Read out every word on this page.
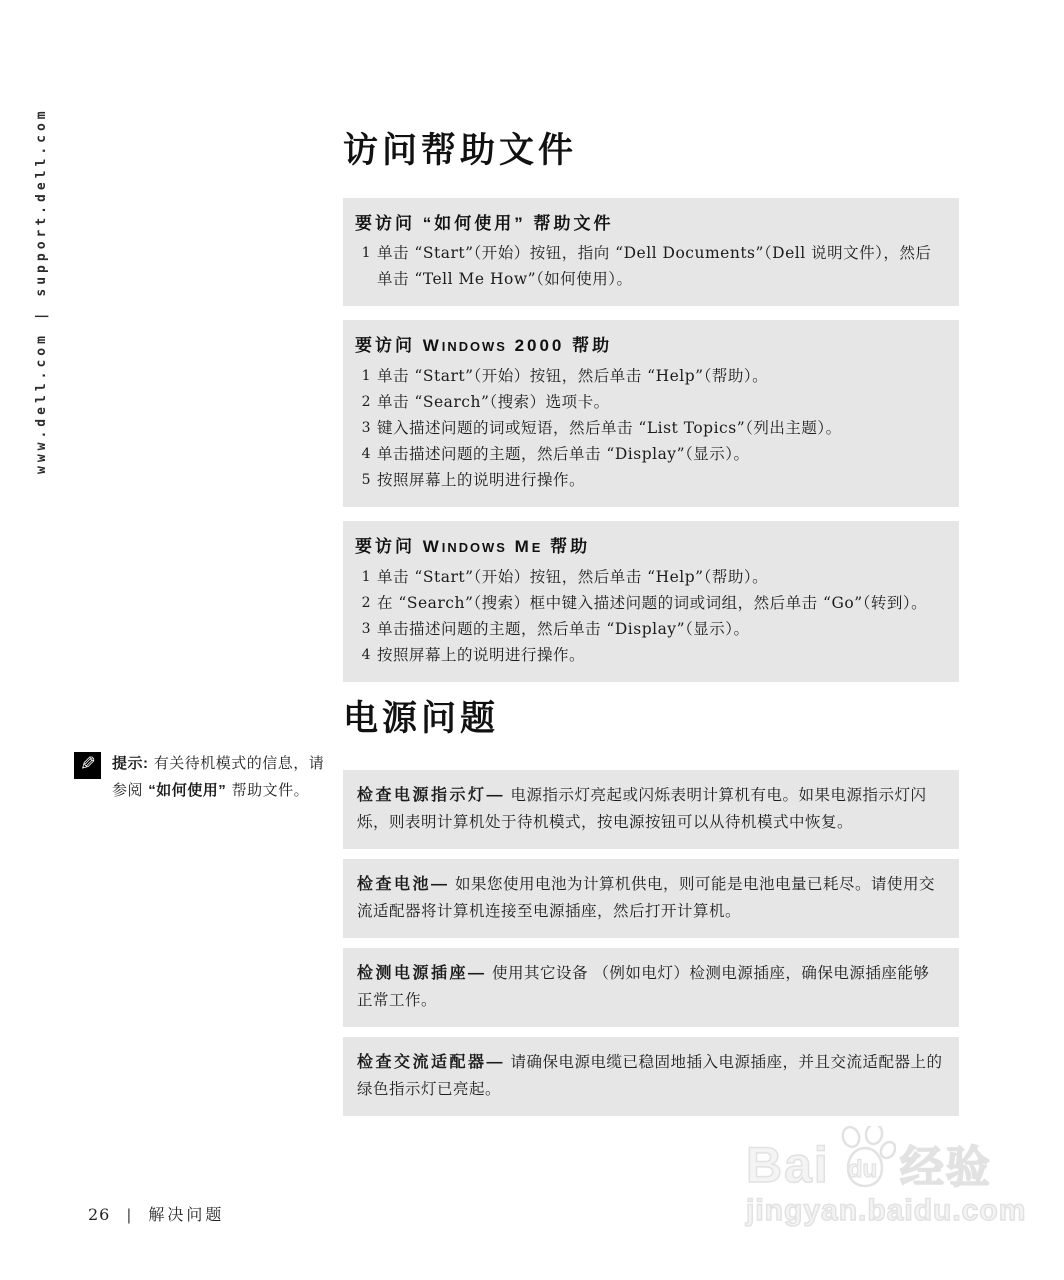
www.dell.com | support.dell.com	访问帮助文件
要访问 “如何使用” 帮助文件
1 单击 “Start”（开始）按钮，指向 “Dell Documents”（Dell 说明文件），然后单击 “Tell Me How”（如何使用）。
要访问 WINDOWS 2000 帮助
1 单击 “Start”（开始）按钮，然后单击 “Help”（帮助）。
2 单击 “Search”（搜索）选项卡。
3 键入描述问题的词或短语，然后单击 “List Topics”（列出主题）。
4 单击描述问题的主题，然后单击 “Display”（显示）。
5 按照屏幕上的说明进行操作。
要访问 WINDOWS ME 帮助
1 单击 “Start”（开始）按钮，然后单击 “Help”（帮助）。
2 在 “Search”（搜索）框中键入描述问题的词或词组，然后单击 “Go”（转到）。
3 单击描述问题的主题，然后单击 “Display”（显示）。
4 按照屏幕上的说明进行操作。
电源问题

检查电源指示灯— 电源指示灯亮起或闪烁表明计算机有电。如果电源指示灯闪烁，则表明计算机处于待机模式，按电源按钮可以从待机模式中恢复。

检查电池— 如果您使用电池为计算机供电，则可能是电池电量已耗尽。请使用交流适配器将计算机连接至电源插座，然后打开计算机。

检测电源插座— 使用其它设备 （例如电灯）检测电源插座，确保电源插座能够正常工作。

检查交流适配器— 请确保电源电缆已稳固地插入电源插座，并且交流适配器上的绿色指示灯已亮起。

✎ 提示: 有关待机模式的信息，请参阅 “如何使用” 帮助文件。

26 | 解决问题
Bai du 经验
jingyan.baidu.com
